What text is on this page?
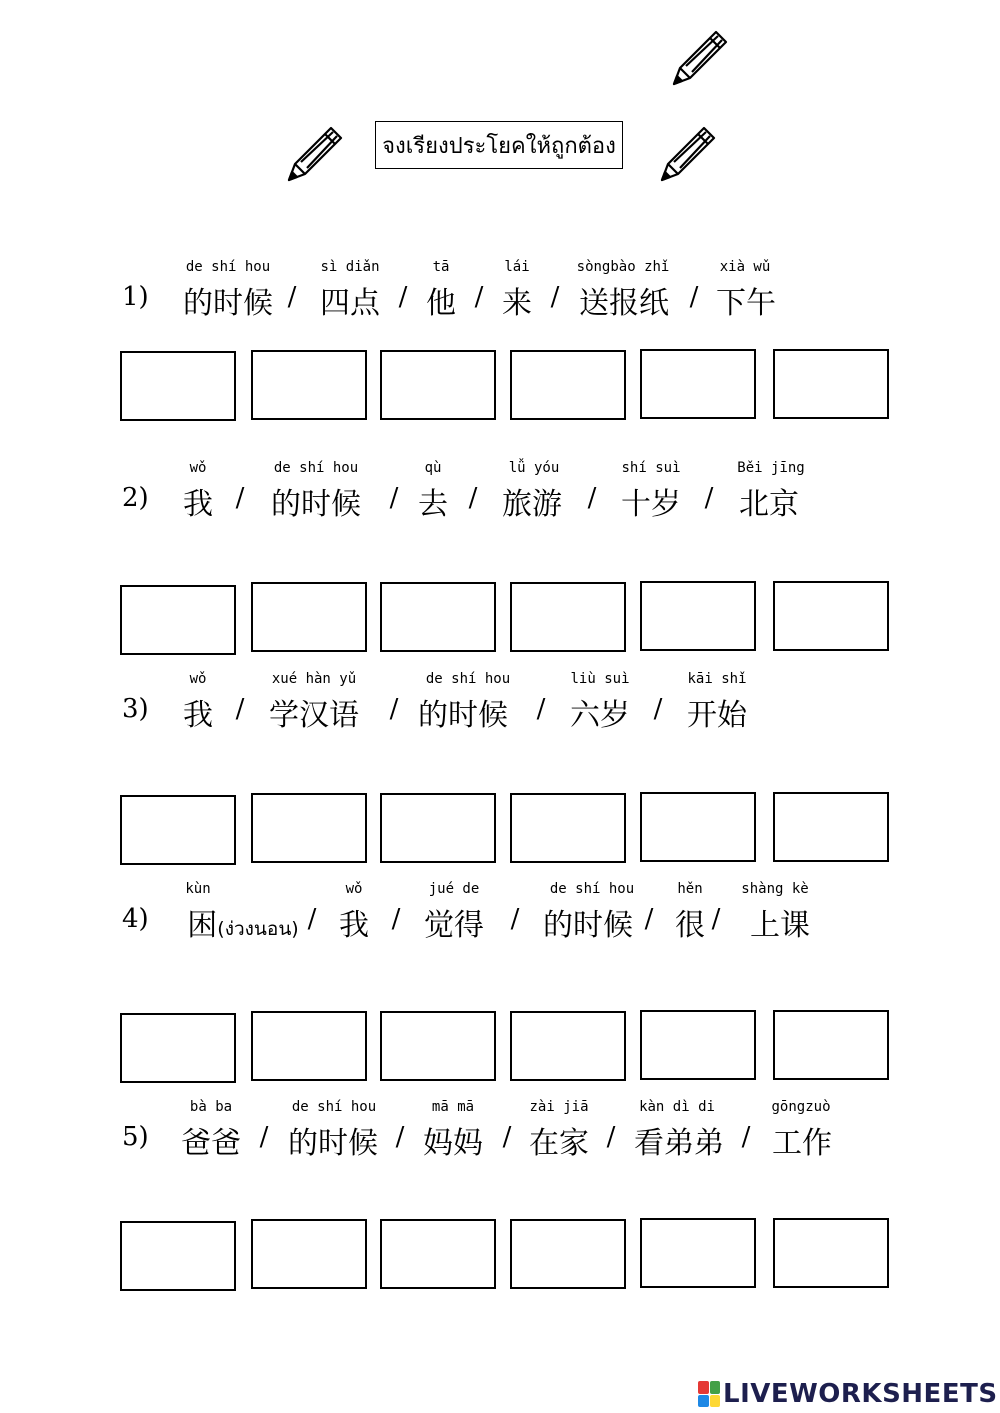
จงเรียงประโยคให้ถูกต้อง
1)
de shí hou
的时候 /
sì diǎn
四点 /
tā
他 /
lái
来 /
sòngbào zhǐ
送报纸 /
xià wǔ
下午
2)
wǒ
我 /
de shí hou
的时候 /
qù
去 /
lǚ yóu
旅游 /
shí suì
十岁 /
Běi jīng
北京
3)
wǒ
我 /
xué hàn yǔ
学汉语 /
de shí hou
的时候 /
liù suì
六岁 /
kāi shǐ
开始
4)
kùn
困(ง่วงนอน) /
wǒ
我 /
jué de
觉得 /
de shí hou
的时候 /
hěn
很 /
shàng kè
上课
5)
bà ba
爸爸 /
de shí hou
的时候 /
mā mā
妈妈 /
zài jiā
在家 /
kàn dì di
看弟弟 /
gōngzuò
工作
LIVEWORKSHEETS
